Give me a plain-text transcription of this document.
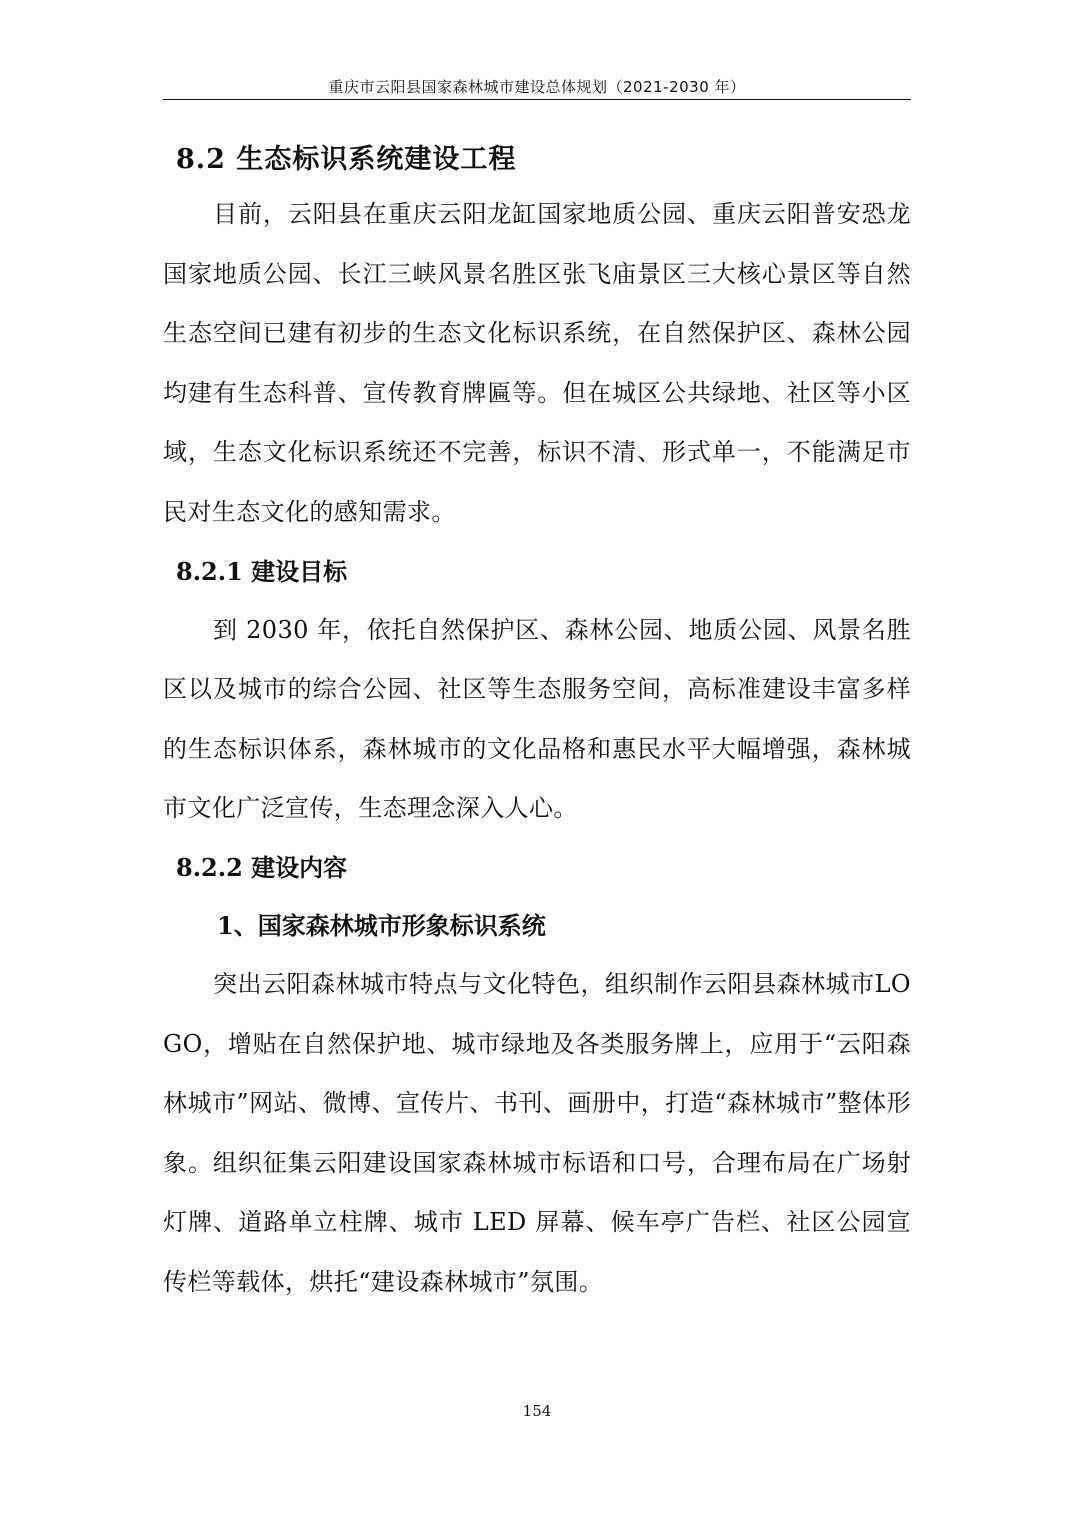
重庆市云阳县国家森林城市建设总体规划（2021-2030 年）
8.2 生态标识系统建设工程

目前，云阳县在重庆云阳龙缸国家地质公园、重庆云阳普安恐龙国家地质公园、长江三峡风景名胜区张飞庙景区三大核心景区等自然生态空间已建有初步的生态文化标识系统，在自然保护区、森林公园均建有生态科普、宣传教育牌匾等。但在城区公共绿地、社区等小区域，生态文化标识系统还不完善，标识不清、形式单一，不能满足市民对生态文化的感知需求。

8.2.1 建设目标

到 2030 年，依托自然保护区、森林公园、地质公园、风景名胜区以及城市的综合公园、社区等生态服务空间，高标准建设丰富多样的生态标识体系，森林城市的文化品格和惠民水平大幅增强，森林城市文化广泛宣传，生态理念深入人心。

8.2.2 建设内容
1、国家森林城市形象标识系统

突出云阳森林城市特点与文化特色，组织制作云阳县森林城市LOGO，增贴在自然保护地、城市绿地及各类服务牌上，应用于“云阳森林城市”网站、微博、宣传片、书刊、画册中，打造“森林城市”整体形象。组织征集云阳建设国家森林城市标语和口号，合理布局在广场射灯牌、道路单立柱牌、城市 LED 屏幕、候车亭广告栏、社区公园宣传栏等载体，烘托“建设森林城市”氛围。

154
